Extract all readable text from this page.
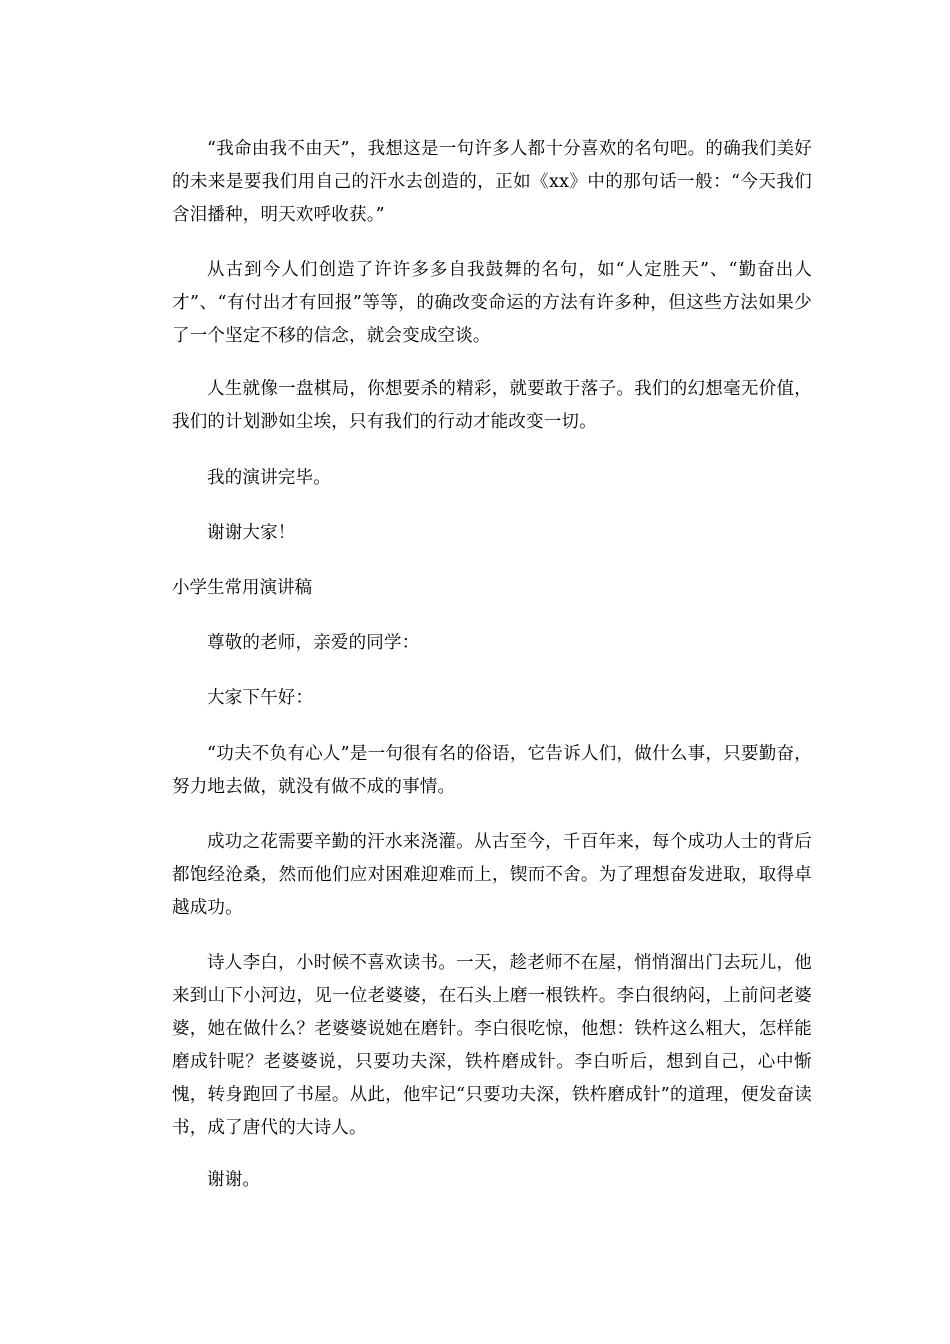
“我命由我不由天”，我想这是一句许多人都十分喜欢的名句吧。的确我们美好的未来是要我们用自己的汗水去创造的，正如《xx》中的那句话一般：“今天我们含泪播种，明天欢呼收获。”

从古到今人们创造了许许多多自我鼓舞的名句，如“人定胜天”、“勤奋出人才”、“有付出才有回报”等等，的确改变命运的方法有许多种，但这些方法如果少了一个坚定不移的信念，就会变成空谈。

人生就像一盘棋局，你想要杀的精彩，就要敢于落子。我们的幻想毫无价值，我们的计划渺如尘埃，只有我们的行动才能改变一切。

我的演讲完毕。

谢谢大家！

小学生常用演讲稿

尊敬的老师，亲爱的同学：

大家下午好：

“功夫不负有心人”是一句很有名的俗语，它告诉人们，做什么事，只要勤奋，努力地去做，就没有做不成的事情。

成功之花需要辛勤的汗水来浇灌。从古至今，千百年来，每个成功人士的背后都饱经沧桑，然而他们应对困难迎难而上，锲而不舍。为了理想奋发进取，取得卓越成功。

诗人李白，小时候不喜欢读书。一天，趁老师不在屋，悄悄溜出门去玩儿，他来到山下小河边，见一位老婆婆，在石头上磨一根铁杵。李白很纳闷，上前问老婆婆，她在做什么？老婆婆说她在磨针。李白很吃惊，他想：铁杵这么粗大，怎样能磨成针呢？老婆婆说，只要功夫深，铁杵磨成针。李白听后，想到自己，心中惭愧，转身跑回了书屋。从此，他牢记“只要功夫深，铁杵磨成针”的道理，便发奋读书，成了唐代的大诗人。

谢谢。
